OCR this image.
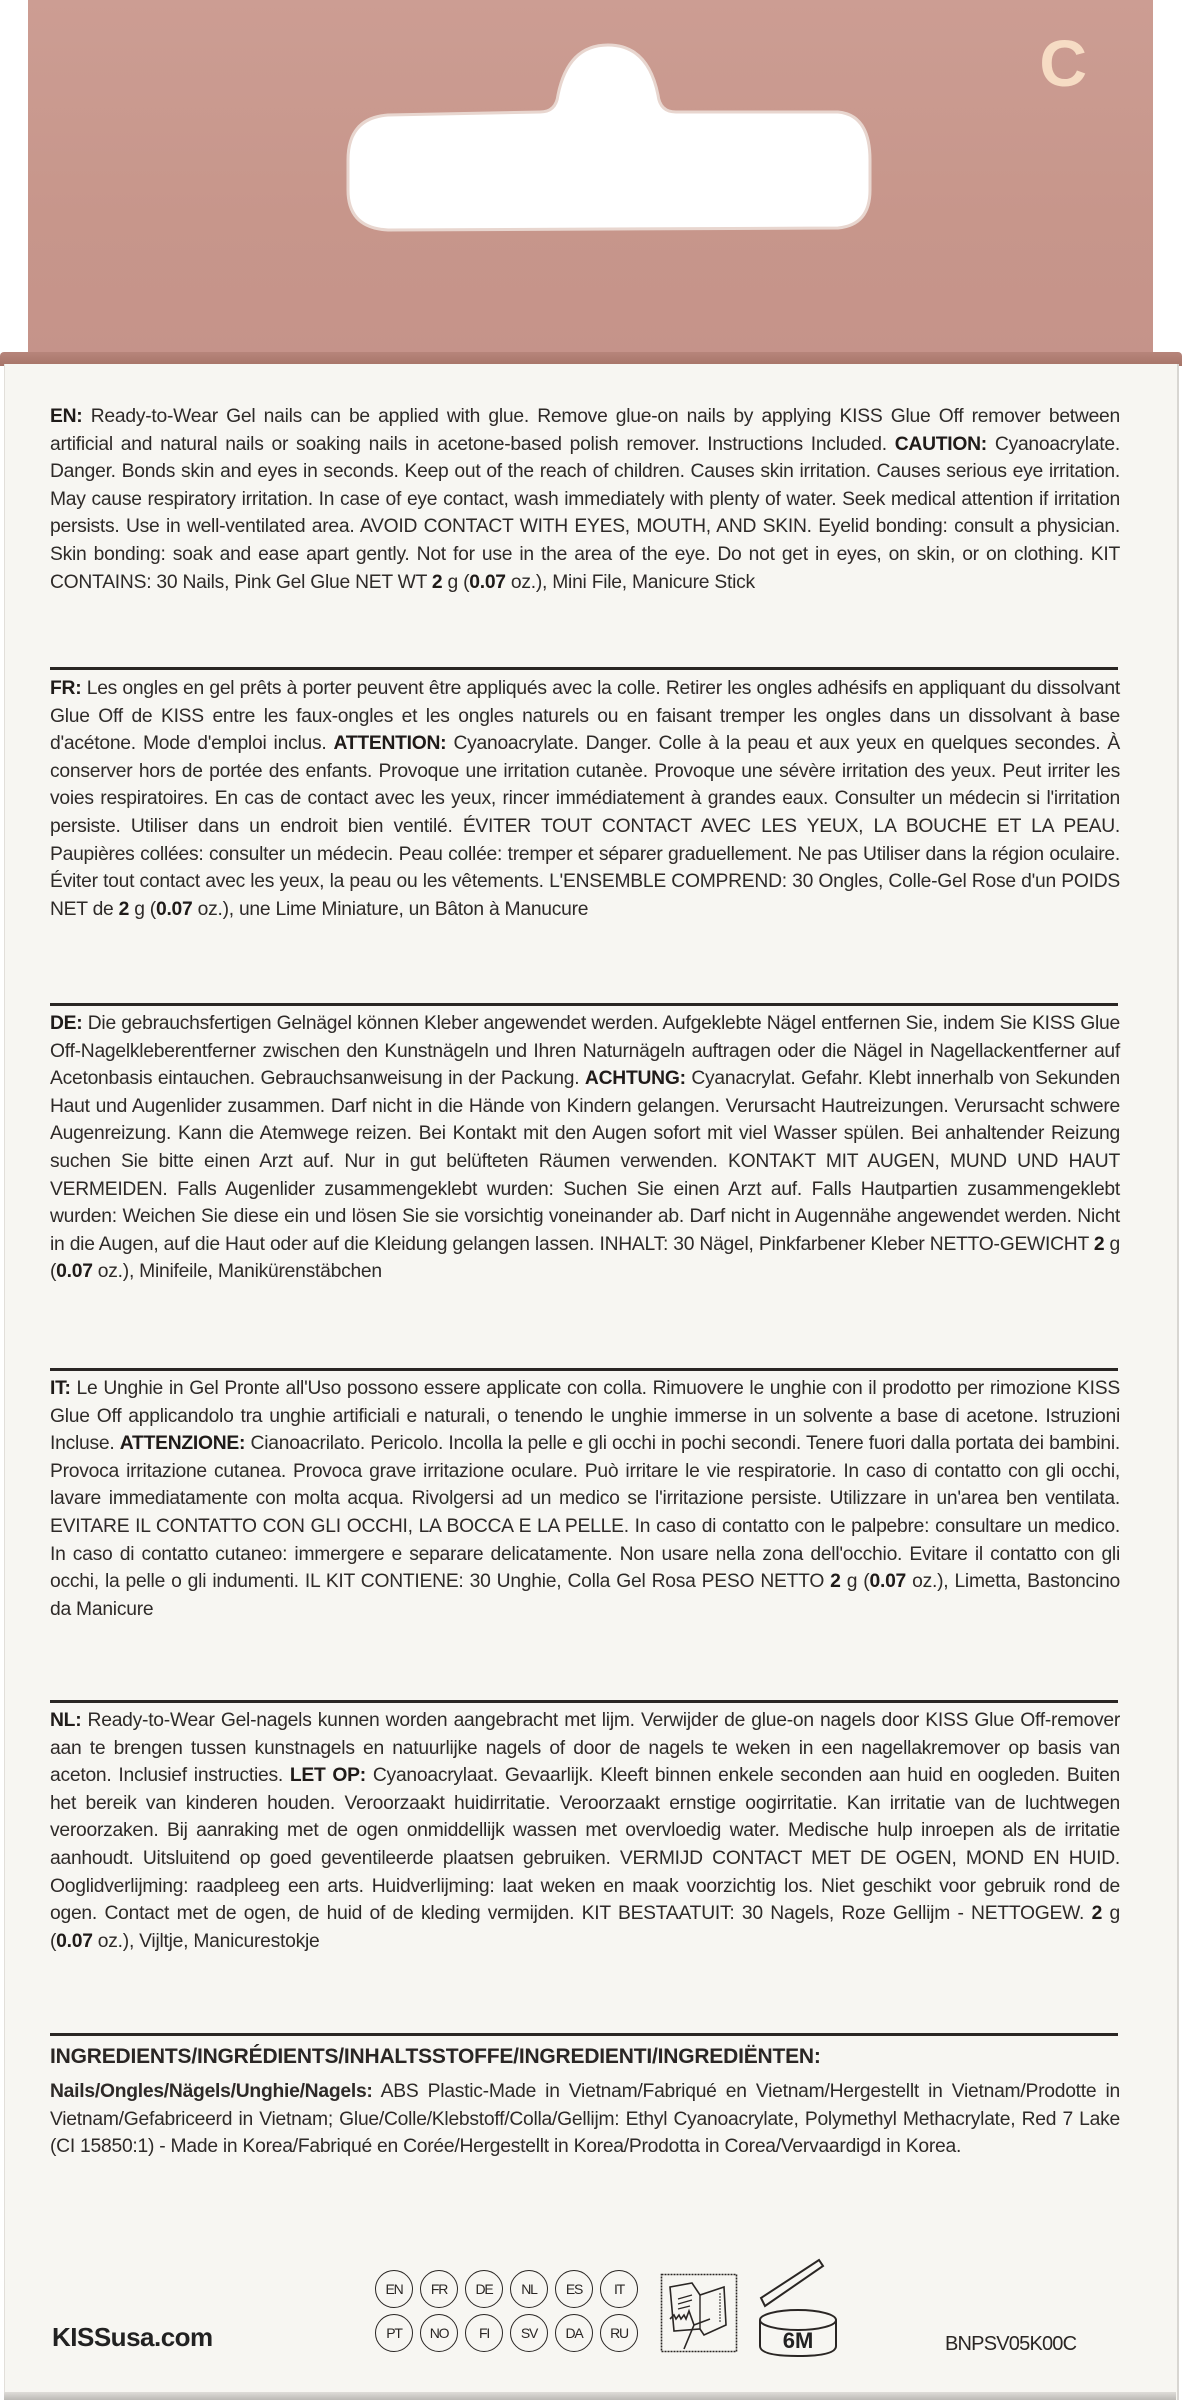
C
EN: Ready-to-Wear Gel nails can be applied with glue. Remove glue-on nails by applying KISS Glue Off remover between artificial and natural nails or soaking nails in acetone-based polish remover. Instructions Included. CAUTION: Cyanoacrylate. Danger. Bonds skin and eyes in seconds. Keep out of the reach of children. Causes skin irritation. Causes serious eye irritation. May cause respiratory irritation. In case of eye contact, wash immediately with plenty of water. Seek medical attention if irritation persists. Use in well-ventilated area. AVOID CONTACT WITH EYES, MOUTH, AND SKIN. Eyelid bonding: consult a physician. Skin bonding: soak and ease apart gently. Not for use in the area of the eye. Do not get in eyes, on skin, or on clothing. KIT CONTAINS: 30 Nails, Pink Gel Glue NET WT 2 g (0.07 oz.), Mini File, Manicure Stick
FR: Les ongles en gel prêts à porter peuvent être appliqués avec la colle. Retirer les ongles adhésifs en appliquant du dissolvant Glue Off de KISS entre les faux-ongles et les ongles naturels ou en faisant tremper les ongles dans un dissolvant à base d'acétone. Mode d'emploi inclus. ATTENTION: Cyanoacrylate. Danger. Colle à la peau et aux yeux en quelques secondes. À conserver hors de portée des enfants. Provoque une irritation cutanèe. Provoque une sévère irritation des yeux. Peut irriter les voies respiratoires. En cas de contact avec les yeux, rincer immédiatement à grandes eaux. Consulter un médecin si l'irritation persiste. Utiliser dans un endroit bien ventilé. ÉVITER TOUT CONTACT AVEC LES YEUX, LA BOUCHE ET LA PEAU. Paupières collées: consulter un médecin. Peau collée: tremper et séparer graduellement. Ne pas Utiliser dans la région oculaire. Éviter tout contact avec les yeux, la peau ou les vêtements. L'ENSEMBLE COMPREND: 30 Ongles, Colle-Gel Rose d'un POIDS NET de 2 g (0.07 oz.), une Lime Miniature, un Bâton à Manucure
DE: Die gebrauchsfertigen Gelnägel können Kleber angewendet werden. Aufgeklebte Nägel entfernen Sie, indem Sie KISS Glue Off-Nagelkleberentferner zwischen den Kunstnägeln und Ihren Naturnägeln auftragen oder die Nägel in Nagellackentferner auf Acetonbasis eintauchen. Gebrauchsanweisung in der Packung. ACHTUNG: Cyanacrylat. Gefahr. Klebt innerhalb von Sekunden Haut und Augenlider zusammen. Darf nicht in die Hände von Kindern gelangen. Verursacht Hautreizungen. Verursacht schwere Augenreizung. Kann die Atemwege reizen. Bei Kontakt mit den Augen sofort mit viel Wasser spülen. Bei anhaltender Reizung suchen Sie bitte einen Arzt auf. Nur in gut belüfteten Räumen verwenden. KONTAKT MIT AUGEN, MUND UND HAUT VERMEIDEN. Falls Augenlider zusammengeklebt wurden: Suchen Sie einen Arzt auf. Falls Hautpartien zusammengeklebt wurden: Weichen Sie diese ein und lösen Sie sie vorsichtig voneinander ab. Darf nicht in Augennähe angewendet werden. Nicht in die Augen, auf die Haut oder auf die Kleidung gelangen lassen. INHALT: 30 Nägel, Pinkfarbener Kleber NETTO-GEWICHT 2 g (0.07 oz.), Minifeile, Manikürenstäbchen
IT: Le Unghie in Gel Pronte all'Uso possono essere applicate con colla. Rimuovere le unghie con il prodotto per rimozione KISS Glue Off applicandolo tra unghie artificiali e naturali, o tenendo le unghie immerse in un solvente a base di acetone. Istruzioni Incluse. ATTENZIONE: Cianoacrilato. Pericolo. Incolla la pelle e gli occhi in pochi secondi. Tenere fuori dalla portata dei bambini. Provoca irritazione cutanea. Provoca grave irritazione oculare. Può irritare le vie respiratorie. In caso di contatto con gli occhi, lavare immediatamente con molta acqua. Rivolgersi ad un medico se l'irritazione persiste. Utilizzare in un'area ben ventilata. EVITARE IL CONTATTO CON GLI OCCHI, LA BOCCA E LA PELLE. In caso di contatto con le palpebre: consultare un medico. In caso di contatto cutaneo: immergere e separare delicatamente. Non usare nella zona dell'occhio. Evitare il contatto con gli occhi, la pelle o gli indumenti. IL KIT CONTIENE: 30 Unghie, Colla Gel Rosa PESO NETTO 2 g (0.07 oz.), Limetta, Bastoncino da Manicure
NL: Ready-to-Wear Gel-nagels kunnen worden aangebracht met lijm. Verwijder de glue-on nagels door KISS Glue Off-remover aan te brengen tussen kunstnagels en natuurlijke nagels of door de nagels te weken in een nagellakremover op basis van aceton. Inclusief instructies. LET OP: Cyanoacrylaat. Gevaarlijk. Kleeft binnen enkele seconden aan huid en oogleden. Buiten het bereik van kinderen houden. Veroorzaakt huidirritatie. Veroorzaakt ernstige oogirritatie. Kan irritatie van de luchtwegen veroorzaken. Bij aanraking met de ogen onmiddellijk wassen met overvloedig water. Medische hulp inroepen als de irritatie aanhoudt. Uitsluitend op goed geventileerde plaatsen gebruiken. VERMIJD CONTACT MET DE OGEN, MOND EN HUID. Ooglidverlijming: raadpleeg een arts. Huidverlijming: laat weken en maak voorzichtig los. Niet geschikt voor gebruik rond de ogen. Contact met de ogen, de huid of de kleding vermijden. KIT BESTAATUIT: 30 Nagels, Roze Gellijm - NETTOGEW. 2 g (0.07 oz.), Vijltje, Manicurestokje
INGREDIENTS/INGRÉDIENTS/INHALTSSTOFFE/INGREDIENTI/INGREDIËNTEN:
Nails/Ongles/Nägels/Unghie/Nagels: ABS Plastic-Made in Vietnam/Fabriqué en Vietnam/Hergestellt in Vietnam/Prodotte in Vietnam/Gefabriceerd in Vietnam; Glue/Colle/Klebstoff/Colla/Gellijm: Ethyl Cyanoacrylate, Polymethyl Methacrylate, Red 7 Lake (CI 15850:1) - Made in Korea/Fabriqué en Corée/Hergestellt in Korea/Prodotta in Corea/Vervaardigd in Korea.
KISSusa.com
EN	FR	DE	NL	ES	IT
PT	NO	FI	SV	DA	RU	6M	BNPSV05K00C
